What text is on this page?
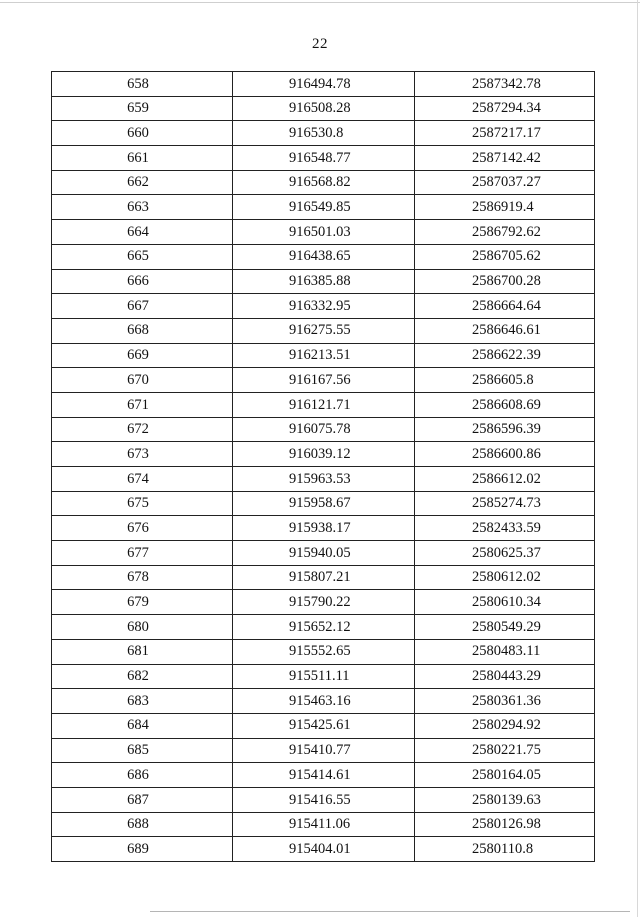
22
658	916494.78	2587342.78
659	916508.28	2587294.34
660	916530.8	2587217.17
661	916548.77	2587142.42
662	916568.82	2587037.27
663	916549.85	2586919.4
664	916501.03	2586792.62
665	916438.65	2586705.62
666	916385.88	2586700.28
667	916332.95	2586664.64
668	916275.55	2586646.61
669	916213.51	2586622.39
670	916167.56	2586605.8
671	916121.71	2586608.69
672	916075.78	2586596.39
673	916039.12	2586600.86
674	915963.53	2586612.02
675	915958.67	2585274.73
676	915938.17	2582433.59
677	915940.05	2580625.37
678	915807.21	2580612.02
679	915790.22	2580610.34
680	915652.12	2580549.29
681	915552.65	2580483.11
682	915511.11	2580443.29
683	915463.16	2580361.36
684	915425.61	2580294.92
685	915410.77	2580221.75
686	915414.61	2580164.05
687	915416.55	2580139.63
688	915411.06	2580126.98
689	915404.01	2580110.8
